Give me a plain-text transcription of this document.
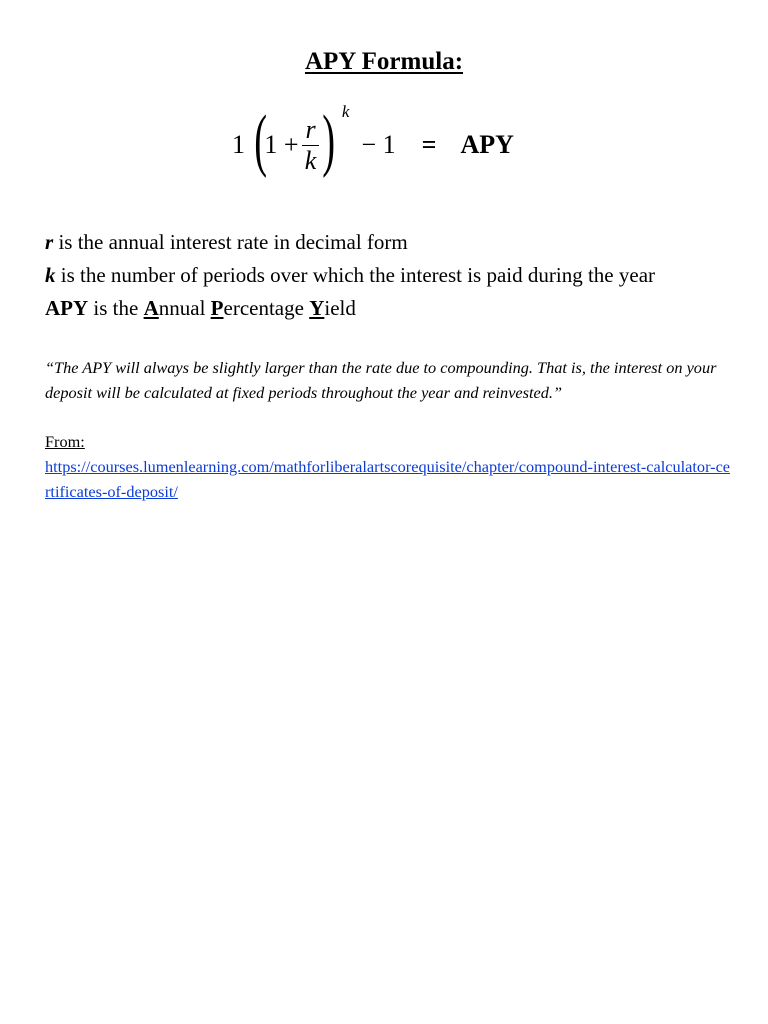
APY Formula:
1 (
$1 + \frac{r}{k}$ ) k
− 1 = APY
r is the annual interest rate in decimal form
k is the number of periods over which the interest is paid during the year
APY is the Annual Percentage Yield
“The APY will always be slightly larger than the rate due to compounding. That is, the interest on your deposit will be calculated at fixed periods throughout the year and reinvested.”
From:
https://courses.lumenlearning.com/mathforliberalartscorequisite/chapter/compound-interest-calculator-certificates-of-deposit/
